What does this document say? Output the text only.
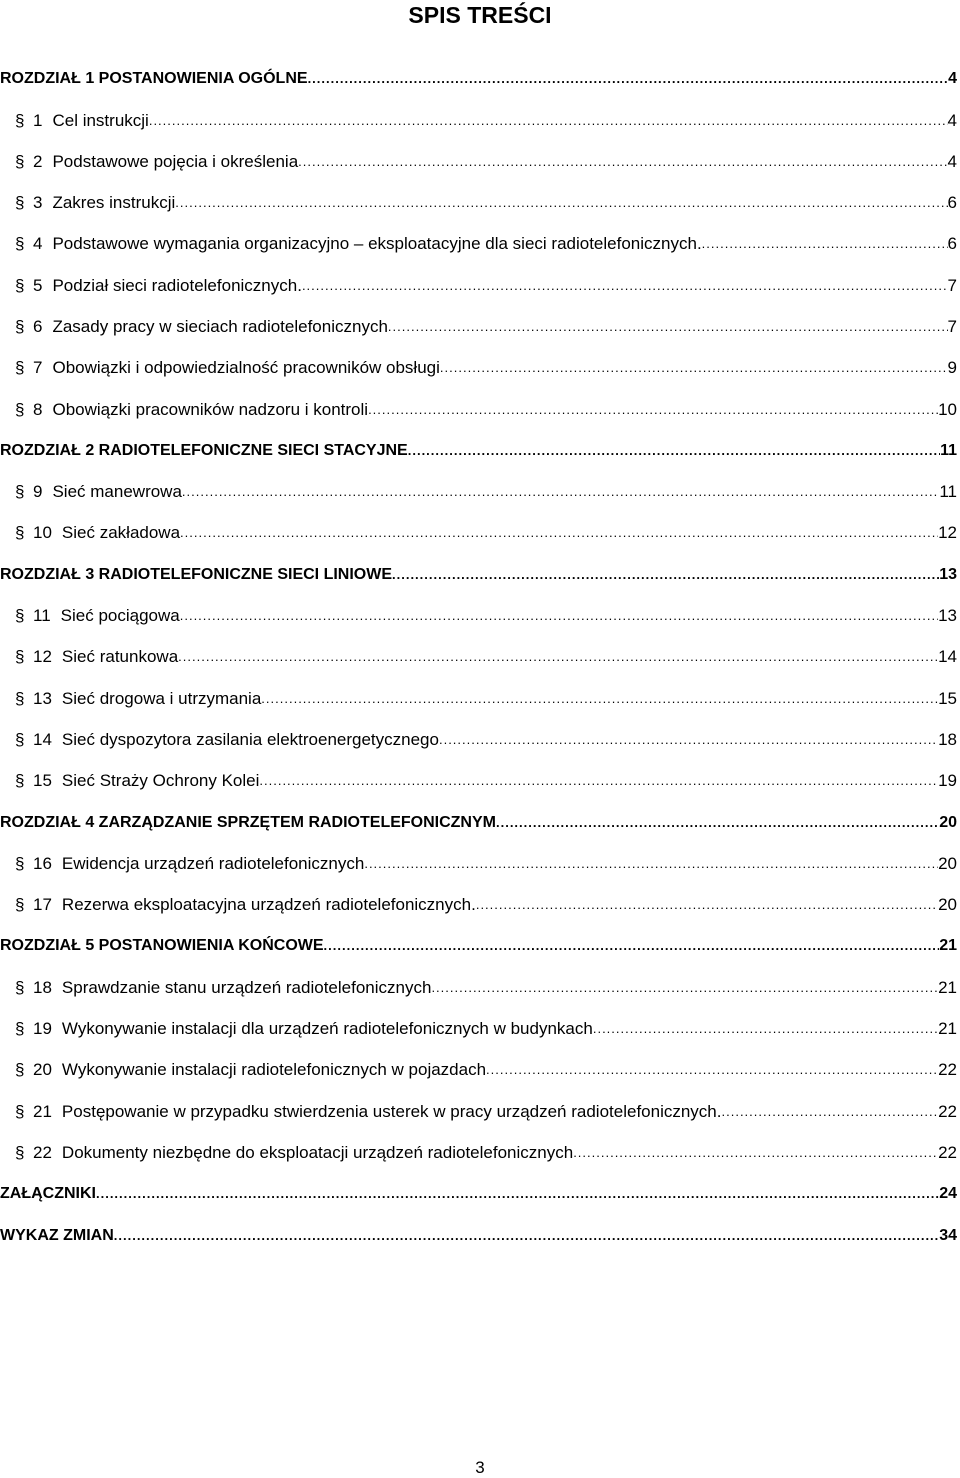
SPIS TREŚCI
ROZDZIAŁ 1 POSTANOWIENIA OGÓLNE .....	4
§ 1 Cel instrukcji .....	4
§ 2 Podstawowe pojęcia i określenia .....	4
§ 3 Zakres instrukcji .....	6
§ 4 Podstawowe wymagania organizacyjno – eksploatacyjne dla sieci radiotelefonicznych. .....	6
§ 5 Podział sieci radiotelefonicznych. .....	7
§ 6 Zasady pracy w sieciach radiotelefonicznych .....	7
§ 7 Obowiązki i odpowiedzialność pracowników obsługi .....	9
§ 8 Obowiązki pracowników nadzoru i kontroli .....	10
ROZDZIAŁ 2 RADIOTELEFONICZNE SIECI STACYJNE .....	11
§ 9 Sieć manewrowa .....	11
§ 10 Sieć zakładowa .....	12
ROZDZIAŁ 3 RADIOTELEFONICZNE SIECI LINIOWE .....	13
§ 11 Sieć pociągowa .....	13
§ 12 Sieć ratunkowa .....	14
§ 13 Sieć drogowa i utrzymania .....	15
§ 14 Sieć dyspozytora zasilania elektroenergetycznego .....	18
§ 15 Sieć Straży Ochrony Kolei .....	19
ROZDZIAŁ 4 ZARZĄDZANIE SPRZĘTEM RADIOTELEFONICZNYM .....	20
§ 16 Ewidencja urządzeń radiotelefonicznych .....	20
§ 17 Rezerwa eksploatacyjna urządzeń radiotelefonicznych. .....	20
ROZDZIAŁ 5 POSTANOWIENIA KOŃCOWE .....	21
§ 18 Sprawdzanie stanu urządzeń radiotelefonicznych .....	21
§ 19 Wykonywanie instalacji dla urządzeń radiotelefonicznych w budynkach .....	21
§ 20 Wykonywanie instalacji radiotelefonicznych w pojazdach .....	22
§ 21 Postępowanie w przypadku stwierdzenia usterek w pracy urządzeń radiotelefonicznych. .....	22
§ 22 Dokumenty niezbędne do eksploatacji urządzeń radiotelefonicznych .....	22
ZAŁĄCZNIKI .....	24
WYKAZ ZMIAN .....	34
3
